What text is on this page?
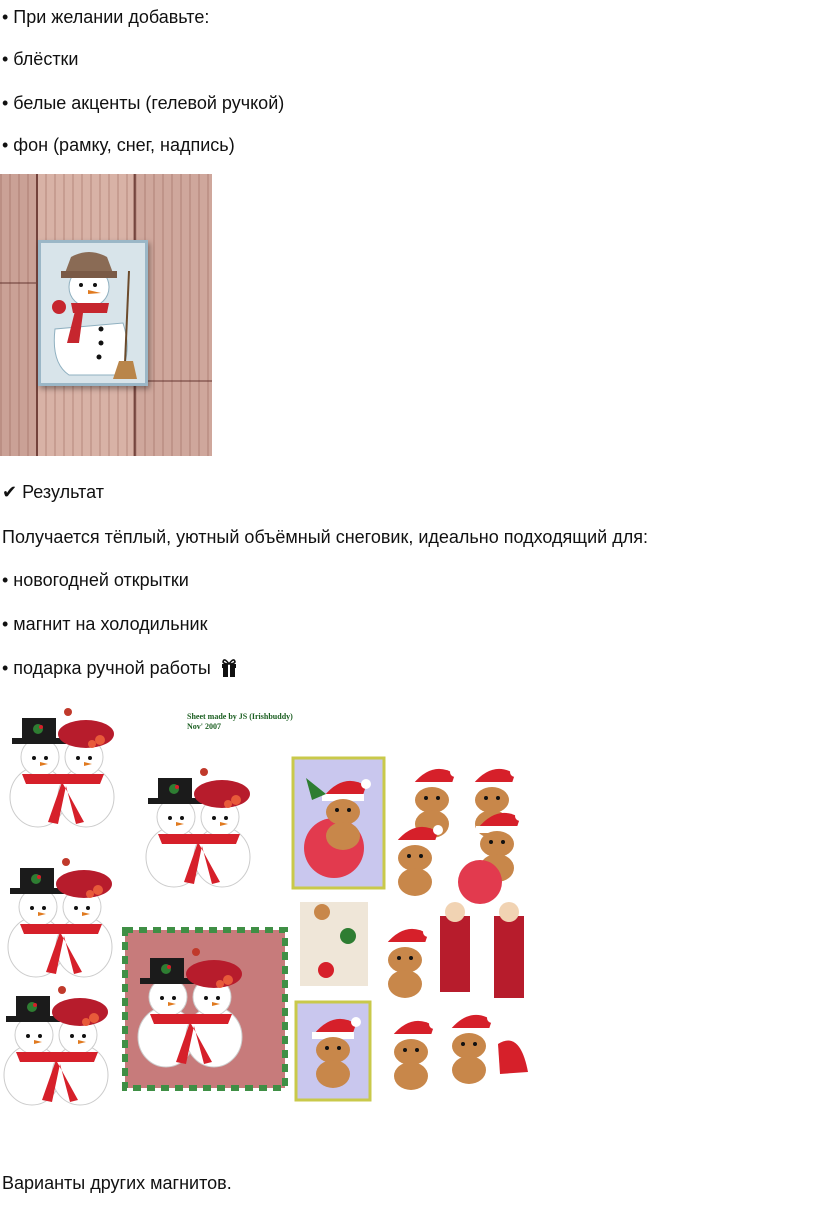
• При желании добавьте:
• блёстки
• белые акценты (гелевой ручкой)
• фон (рамку, снег, надпись)
✔ Результат
Получается тёплый, уютный объёмный снеговик, идеально подходящий для:
• новогодней открытки
• магнит на холодильник
• подарка ручной работы
Sheet made by JS (Irishbuddy)
Nov' 2007
Варианты других магнитов.
